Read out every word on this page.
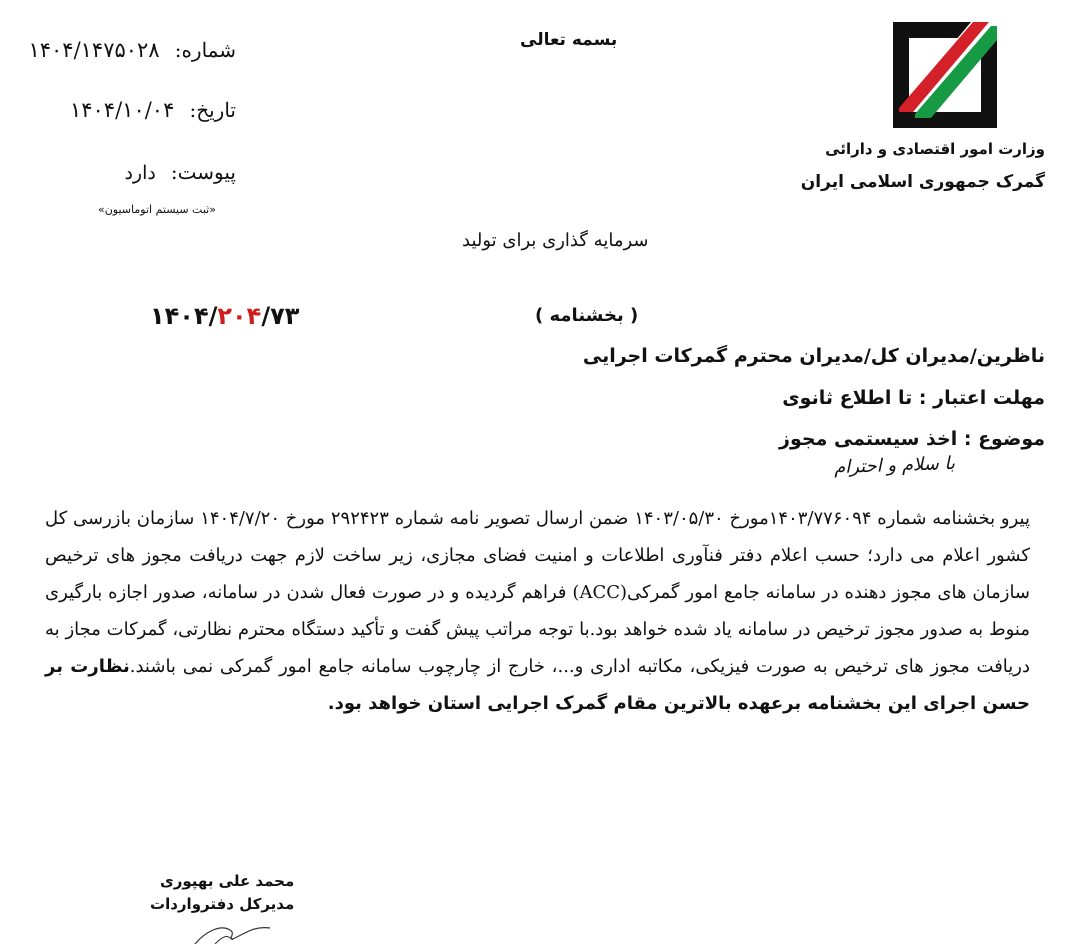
شماره: ۱۴۰۴/۱۴۷۵۰۲۸
تاریخ: ۱۴۰۴/۱۰/۰۴
پیوست: دارد
«ثبت سیستم اتوماسیون»
بسمه تعالی
سرمایه گذاری برای تولید
وزارت امور اقتصادی و دارائی
گمرک جمهوری اسلامی ایران
۱۴۰۴/۲۰۴/۷۳	( بخشنامه )
ناظرین/مدیران کل/مدیران محترم گمرکات اجرایی
مهلت اعتبار : تا اطلاع ثانوی
موضوع : اخذ سیستمی مجوز
با سلام و احترام
پیرو بخشنامه شماره ۱۴۰۳/۷۷۶۰۹۴مورخ ۱۴۰۳/۰۵/۳۰ ضمن ارسال تصویر نامه شماره ۲۹۲۴۲۳ مورخ ۱۴۰۴/۷/۲۰ سازمان بازرسی کل کشور اعلام می دارد؛ حسب اعلام دفتر فنآوری اطلاعات و امنیت فضای مجازی، زیر ساخت لازم جهت دریافت مجوز های ترخیص سازمان های مجوز دهنده در سامانه جامع امور گمرکی(ACC) فراهم گردیده و در صورت فعال شدن در سامانه، صدور اجازه بارگیری منوط به صدور مجوز ترخیص در سامانه یاد شده خواهد بود.با توجه مراتب پیش گفت و تأکید دستگاه محترم نظارتی، گمرکات مجاز به دریافت مجوز های ترخیص به صورت فیزیکی، مکاتبه اداری و...، خارج از چارچوب سامانه جامع امور گمرکی نمی باشند.نظارت بر حسن اجرای این بخشنامه برعهده بالاترین مقام گمرک اجرایی استان خواهد بود.
محمد علی بهپوری
مدیرکل دفترواردات
